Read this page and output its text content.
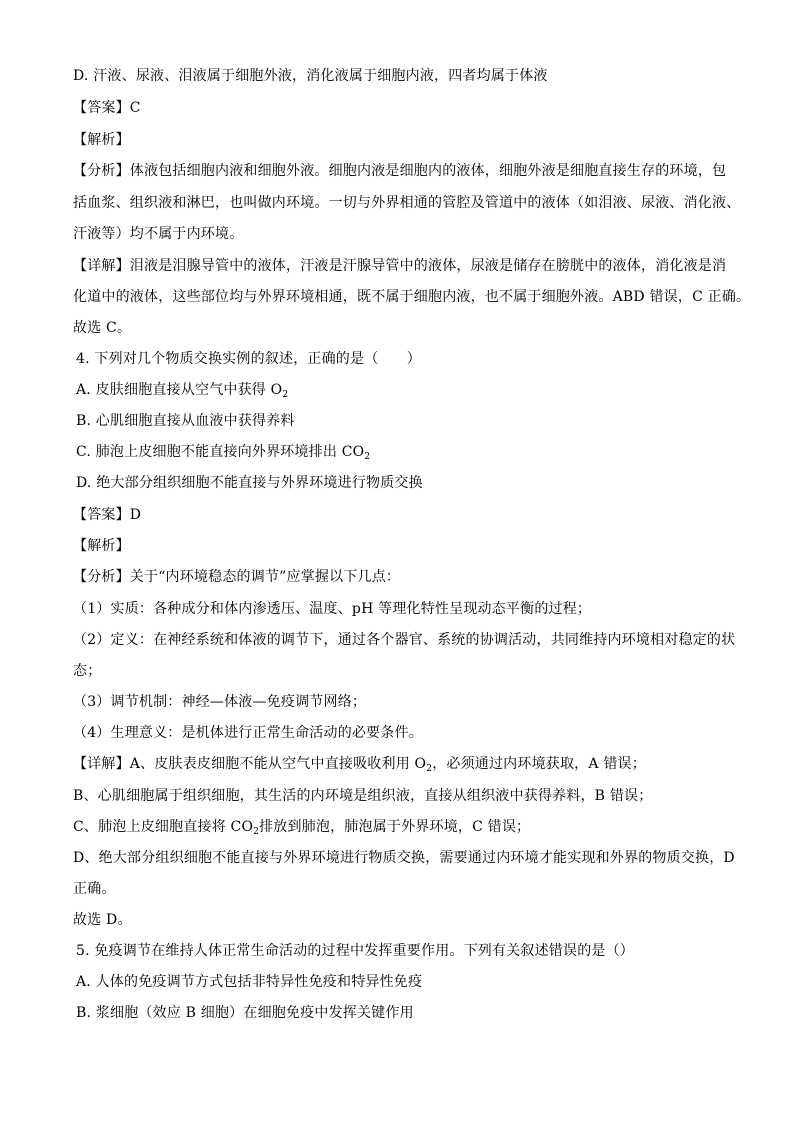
D. 汗液、尿液、泪液属于细胞外液，消化液属于细胞内液，四者均属于体液
【答案】C
【解析】
【分析】体液包括细胞内液和细胞外液。细胞内液是细胞内的液体，细胞外液是细胞直接生存的环境，包
括血浆、组织液和淋巴，也叫做内环境。一切与外界相通的管腔及管道中的液体（如泪液、尿液、消化液、
汗液等）均不属于内环境。
【详解】泪液是泪腺导管中的液体，汗液是汗腺导管中的液体，尿液是储存在膀胱中的液体，消化液是消
化道中的液体，这些部位均与外界环境相通，既不属于细胞内液，也不属于细胞外液。ABD 错误，C 正确。
故选 C。
4. 下列对几个物质交换实例的叙述，正确的是（　　）
A. 皮肤细胞直接从空气中获得 $O_2$
B. 心肌细胞直接从血液中获得养料
C. 肺泡上皮细胞不能直接向外界环境排出 $CO_2$
D. 绝大部分组织细胞不能直接与外界环境进行物质交换
【答案】D
【解析】
【分析】关于“内环境稳态的调节”应掌握以下几点：
（1）实质：各种成分和体内渗透压、温度、pH 等理化特性呈现动态平衡的过程；
（2）定义：在神经系统和体液的调节下，通过各个器官、系统的协调活动，共同维持内环境相对稳定的状
态；
（3）调节机制：神经—体液—免疫调节网络；
（4）生理意义：是机体进行正常生命活动的必要条件。
【详解】A、皮肤表皮细胞不能从空气中直接吸收利用 $O_2$，必须通过内环境获取，A 错误；
B、心肌细胞属于组织细胞，其生活的内环境是组织液，直接从组织液中获得养料，B 错误；
C、肺泡上皮细胞直接将 $CO_2$排放到肺泡，肺泡属于外界环境，C 错误；
D、绝大部分组织细胞不能直接与外界环境进行物质交换，需要通过内环境才能实现和外界的物质交换，D
正确。
故选 D。
5. 免疫调节在维持人体正常生命活动的过程中发挥重要作用。下列有关叙述错误的是（）
A. 人体的免疫调节方式包括非特异性免疫和特异性免疫
B. 浆细胞（效应 B 细胞）在细胞免疫中发挥关键作用
